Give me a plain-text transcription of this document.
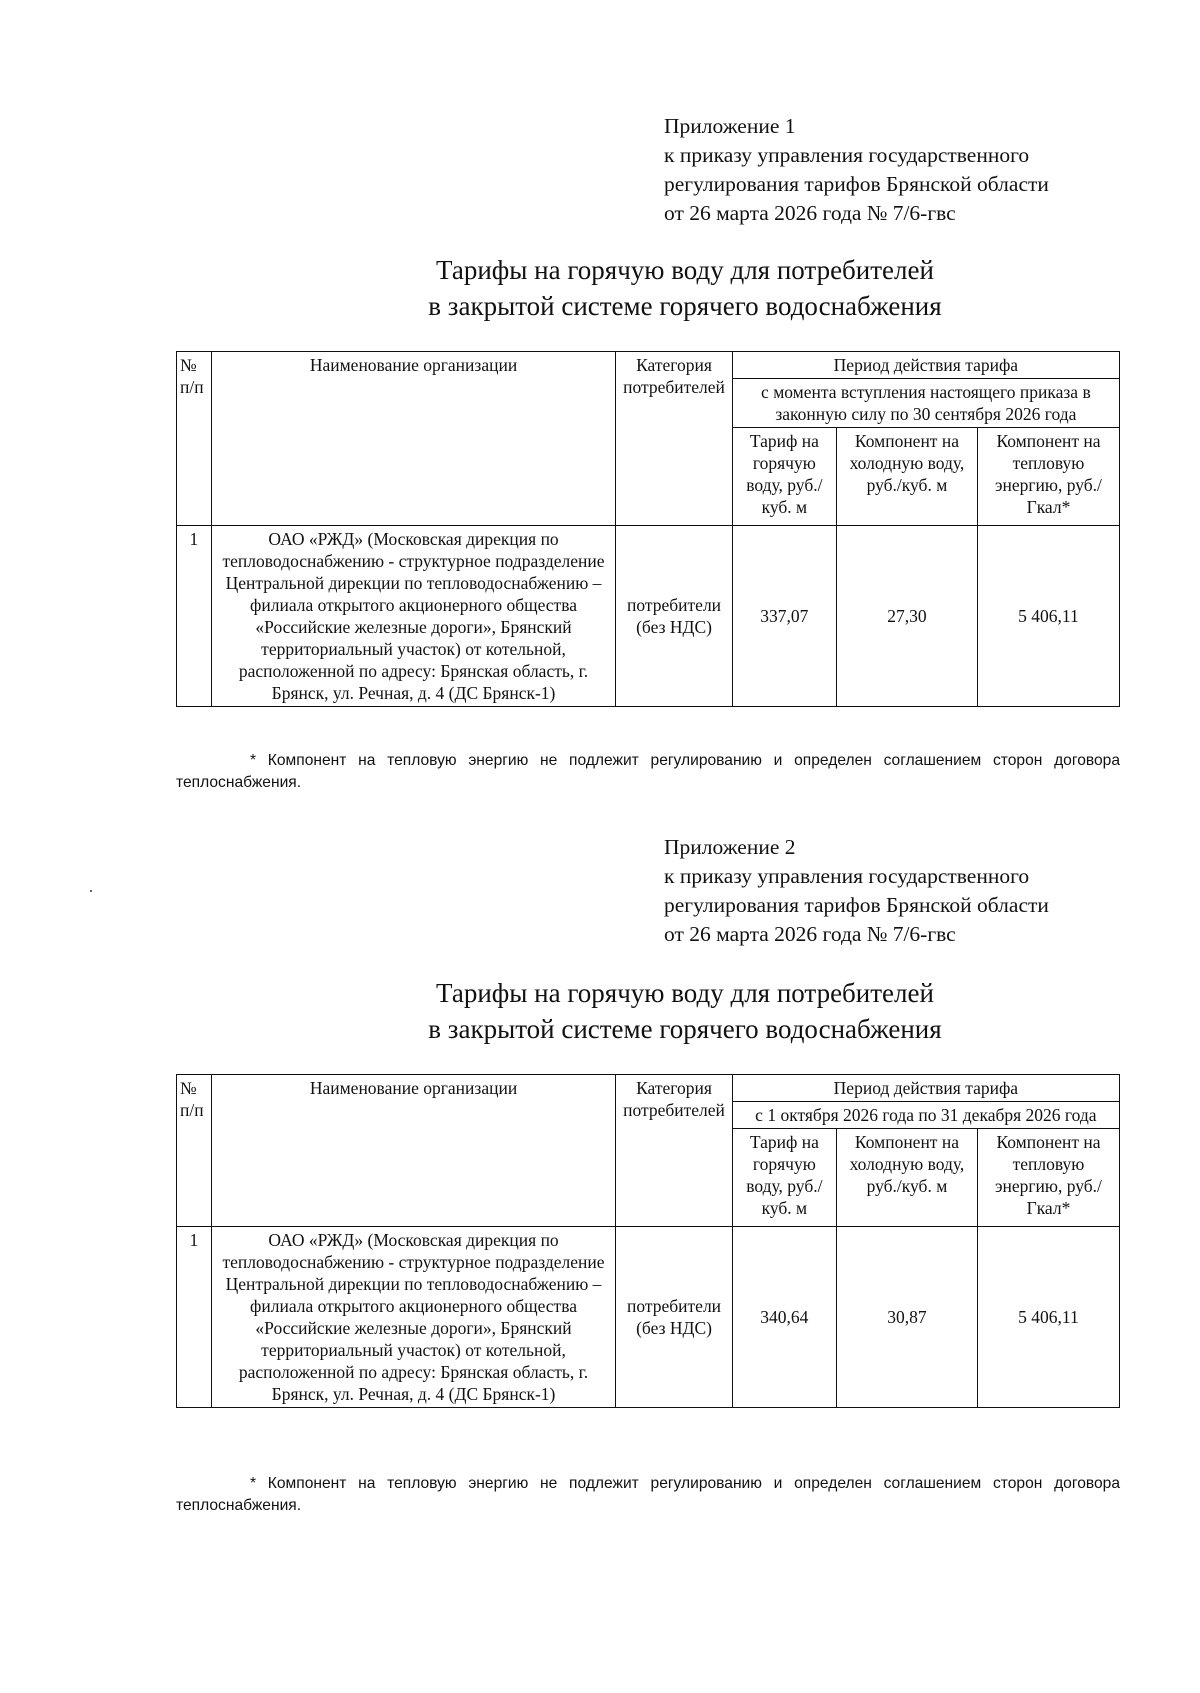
Приложение 1
к приказу управления государственного
регулирования тарифов Брянской области
от 26 марта 2026 года № 7/6-гвс
Тарифы на горячую воду для потребителей
в закрытой системе горячего водоснабжения
№ п/п	Наименование организации	Категория потребителей	Период действия тарифа		
			с момента вступления настоящего приказа в законную силу по 30 сентября 2026 года		
			Тариф на горячую воду, руб./куб. м	Компонент на холодную воду, руб./куб. м	Компонент на тепловую энергию, руб./Гкал*
1	ОАО «РЖД» (Московская дирекция по тепловодоснабжению - структурное подразделение Центральной дирекции по тепловодоснабжению – филиала открытого акционерного общества «Российские железные дороги», Брянский территориальный участок) от котельной, расположенной по адресу: Брянская область, г. Брянск, ул. Речная, д. 4 (ДС Брянск-1)	потребители (без НДС)	337,07	27,30	5 406,11
* Компонент на тепловую энергию не подлежит регулированию и определен соглашением сторон договора теплоснабжения.
Приложение 2
к приказу управления государственного
регулирования тарифов Брянской области
от 26 марта 2026 года № 7/6-гвс
Тарифы на горячую воду для потребителей
в закрытой системе горячего водоснабжения
№ п/п	Наименование организации	Категория потребителей	Период действия тарифа		
			с 1 октября 2026 года по 31 декабря 2026 года		
			Тариф на горячую воду, руб./куб. м	Компонент на холодную воду, руб./куб. м	Компонент на тепловую энергию, руб./Гкал*
1	ОАО «РЖД» (Московская дирекция по тепловодоснабжению - структурное подразделение Центральной дирекции по тепловодоснабжению – филиала открытого акционерного общества «Российские железные дороги», Брянский территориальный участок) от котельной, расположенной по адресу: Брянская область, г. Брянск, ул. Речная, д. 4 (ДС Брянск-1)	потребители (без НДС)	340,64	30,87	5 406,11
* Компонент на тепловую энергию не подлежит регулированию и определен соглашением сторон договора теплоснабжения.
